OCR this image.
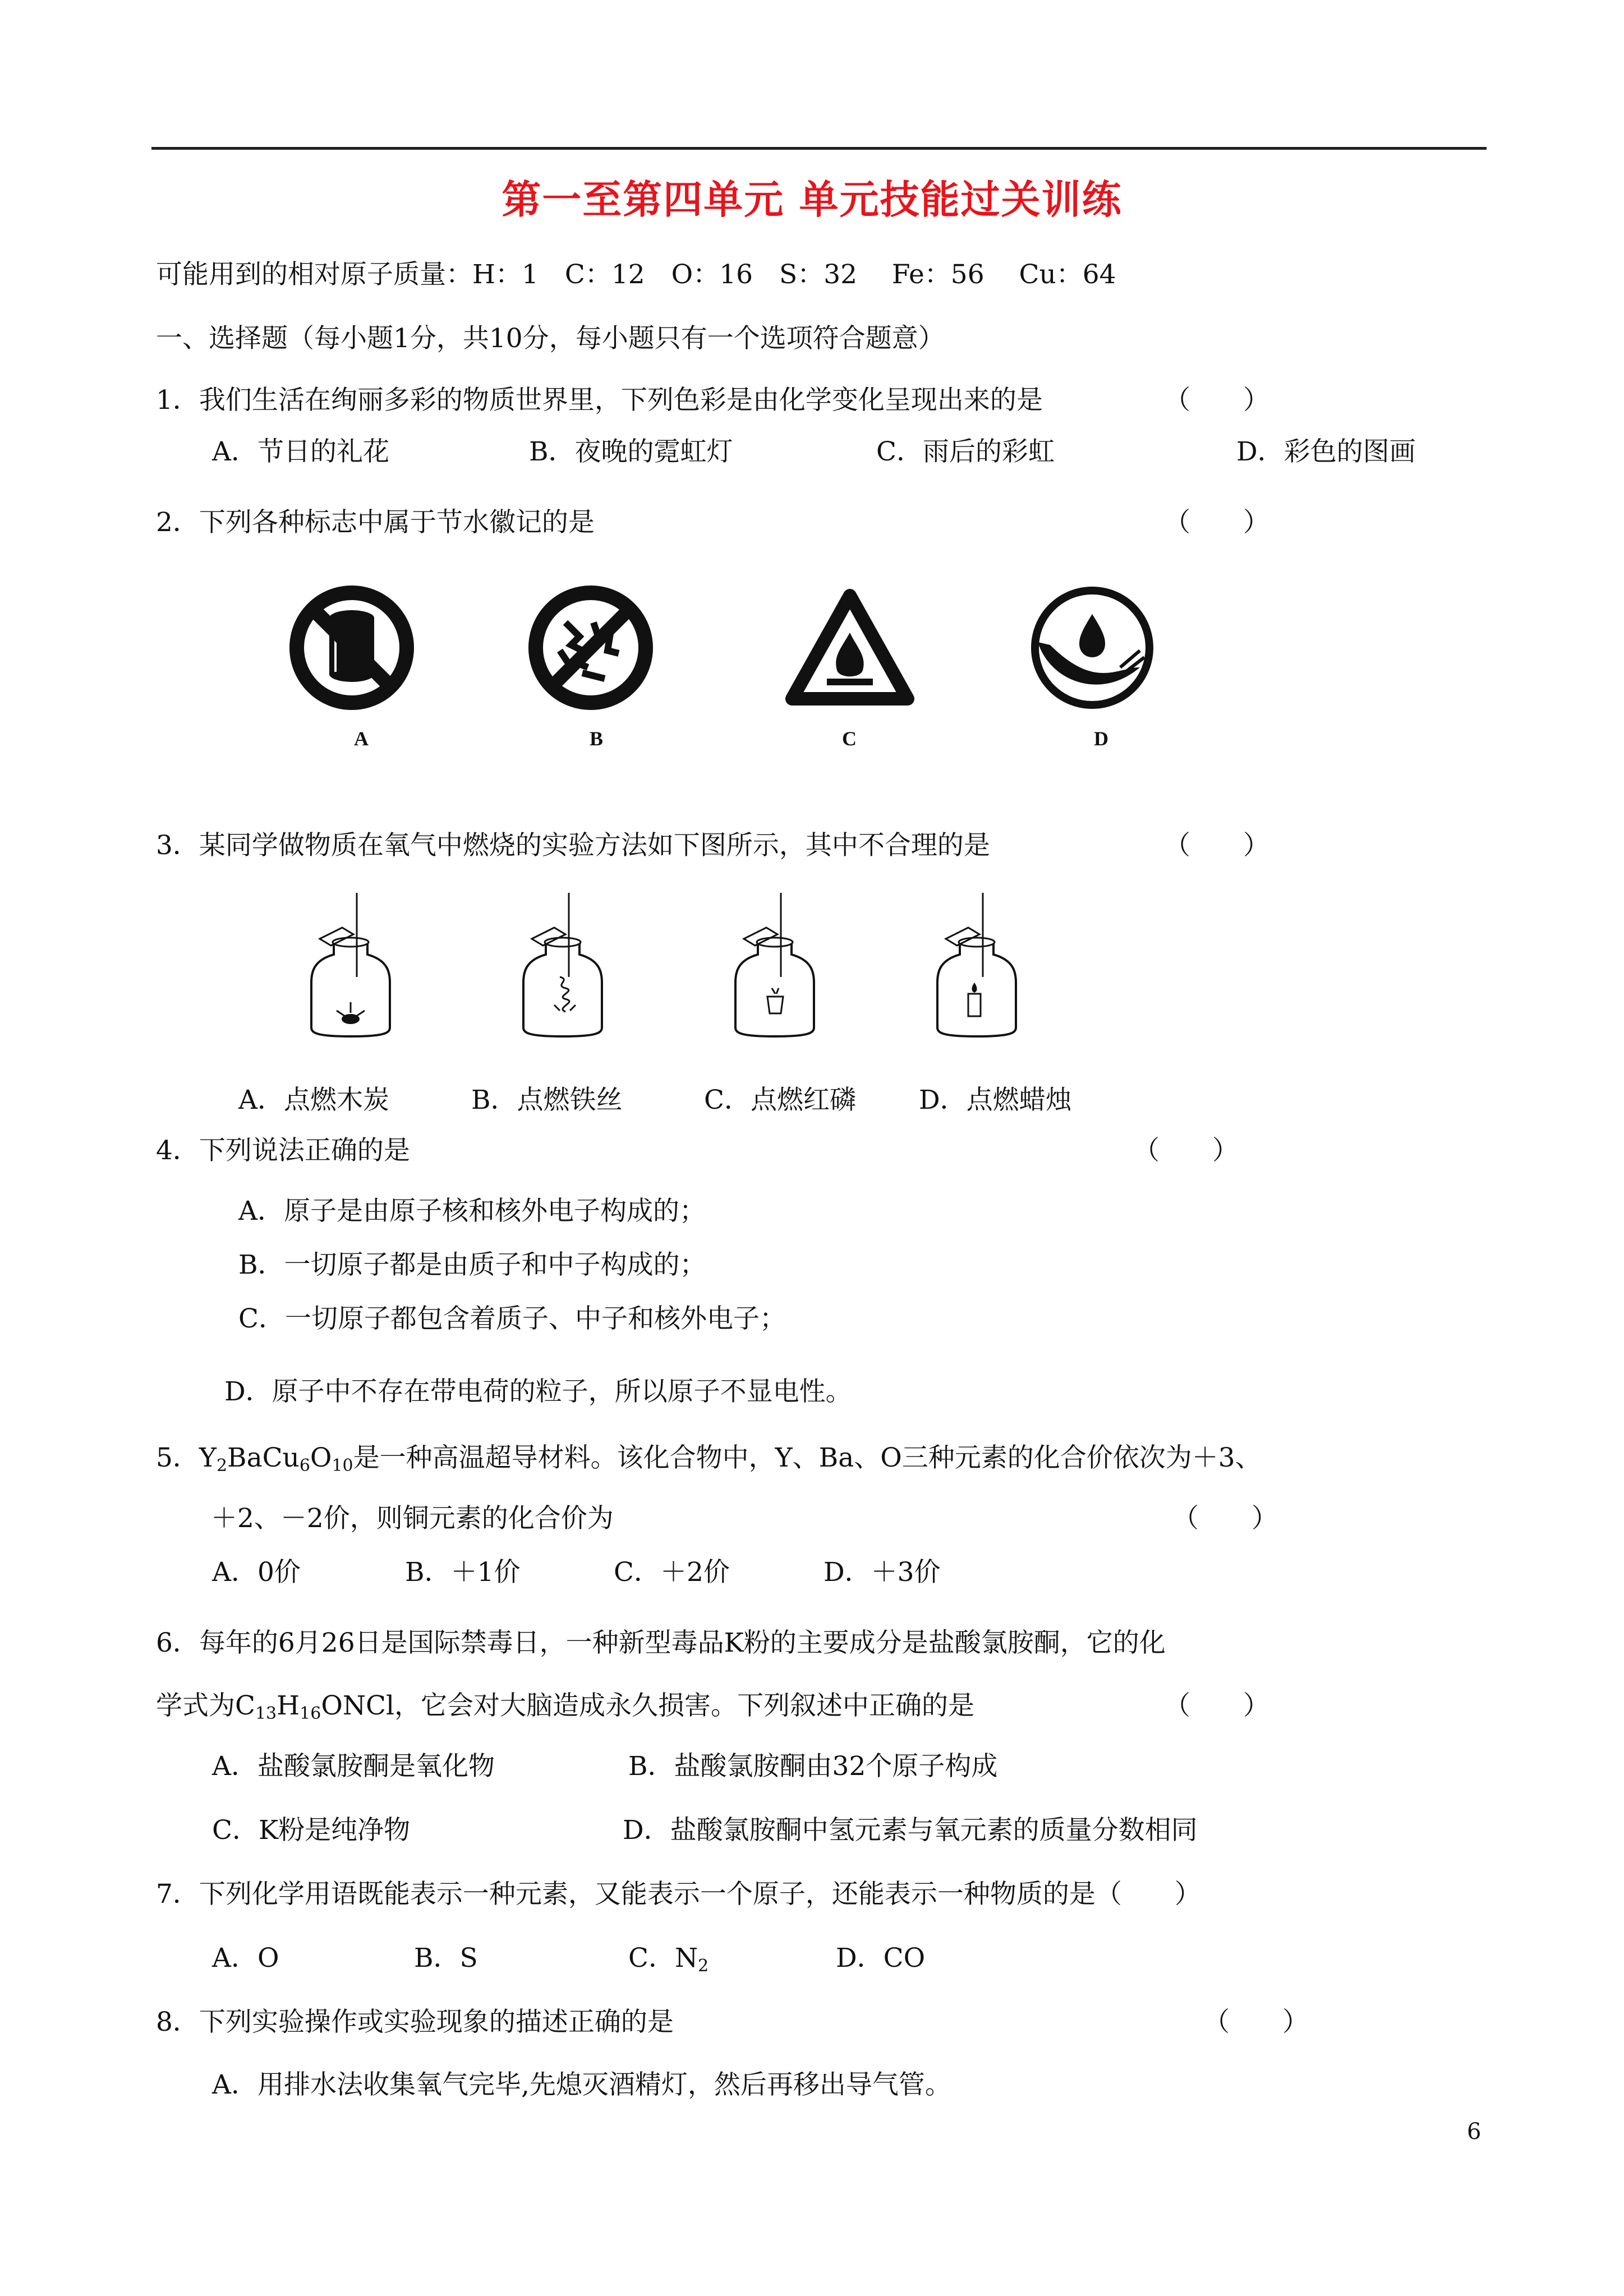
第一至第四单元 单元技能过关训练
可能用到的相对原子质量：H：1　C：12　O：16　S：32　 Fe：56　 Cu：64
一、选择题（每小题1分，共10分，每小题只有一个选项符合题意）
1．我们生活在绚丽多彩的物质世界里，下列色彩是由化学变化呈现出来的是	（　　）
A．节日的礼花	B．夜晚的霓虹灯	C．雨后的彩虹	D．彩色的图画
2．下列各种标志中属于节水徽记的是	（　　）
A	B	C	D
3．某同学做物质在氧气中燃烧的实验方法如下图所示，其中不合理的是	（　　）
A．点燃木炭	B．点燃铁丝	C．点燃红磷 D．点燃蜡烛
4．下列说法正确的是	（　　）
A．原子是由原子核和核外电子构成的；
B．一切原子都是由质子和中子构成的；
C．一切原子都包含着质子、中子和核外电子；
D．原子中不存在带电荷的粒子，所以原子不显电性。
5．$Y_2BaCu_6O_{10}$是一种高温超导材料。该化合物中，Y、Ba、O三种元素的化合价依次为＋3、
＋2、－2价，则铜元素的化合价为	（　　）
A．0价	B．＋1价	C．＋2价	D．＋3价
6．每年的6月26日是国际禁毒日，一种新型毒品K粉的主要成分是盐酸氯胺酮，它的化
学式为$C_{13}H_{16}ONCl$，它会对大脑造成永久损害。下列叙述中正确的是	（　　）
A．盐酸氯胺酮是氧化物	B．盐酸氯胺酮由32个原子构成
C．K粉是纯净物	D．盐酸氯胺酮中氢元素与氧元素的质量分数相同
7．下列化学用语既能表示一种元素，又能表示一个原子，还能表示一种物质的是（　　）
A．O	B．S	C．$N_2$	D．CO
8．下列实验操作或实验现象的描述正确的是	（　　）
A．用排水法收集氧气完毕,先熄灭酒精灯，然后再移出导气管。
6
